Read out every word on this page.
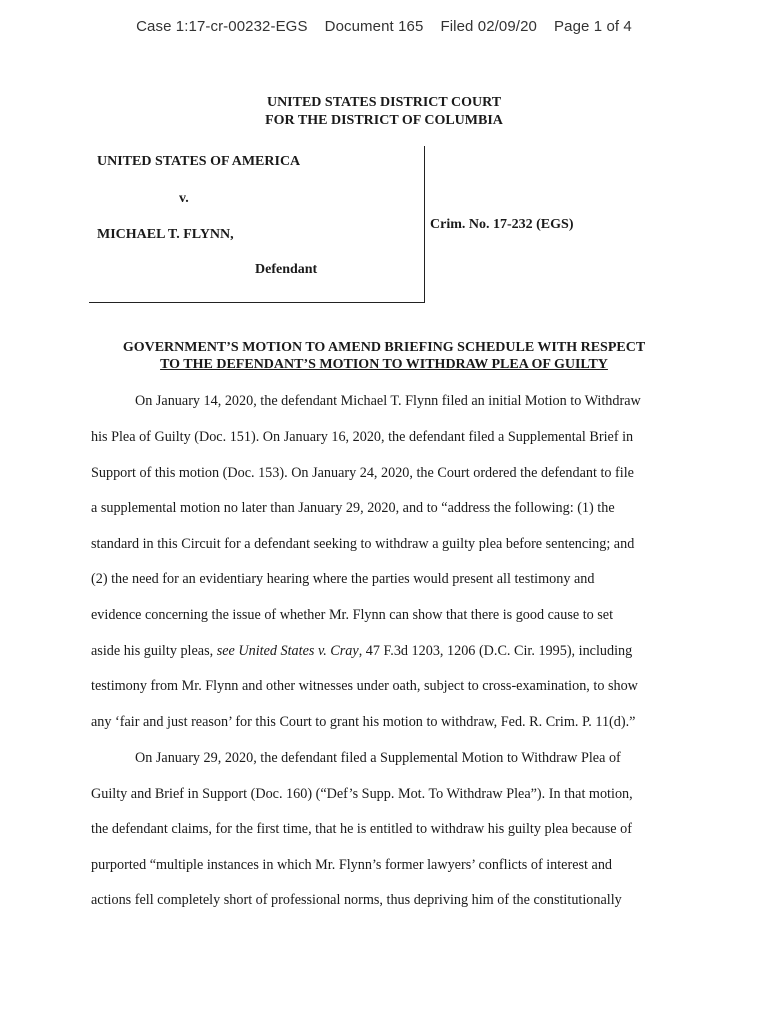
Case 1:17-cr-00232-EGS Document 165 Filed 02/09/20 Page 1 of 4
UNITED STATES DISTRICT COURT
FOR THE DISTRICT OF COLUMBIA
UNITED STATES OF AMERICA
v.
MICHAEL T. FLYNN,
Defendant
Crim. No. 17-232 (EGS)
GOVERNMENT’S MOTION TO AMEND BRIEFING SCHEDULE WITH RESPECT
TO THE DEFENDANT’S MOTION TO WITHDRAW PLEA OF GUILTY
On January 14, 2020, the defendant Michael T. Flynn filed an initial Motion to Withdraw
his Plea of Guilty (Doc. 151). On January 16, 2020, the defendant filed a Supplemental Brief in
Support of this motion (Doc. 153). On January 24, 2020, the Court ordered the defendant to file
a supplemental motion no later than January 29, 2020, and to “address the following: (1) the
standard in this Circuit for a defendant seeking to withdraw a guilty plea before sentencing; and
(2) the need for an evidentiary hearing where the parties would present all testimony and
evidence concerning the issue of whether Mr. Flynn can show that there is good cause to set
aside his guilty pleas, see United States v. Cray, 47 F.3d 1203, 1206 (D.C. Cir. 1995), including
testimony from Mr. Flynn and other witnesses under oath, subject to cross-examination, to show
any ‘fair and just reason’ for this Court to grant his motion to withdraw, Fed. R. Crim. P. 11(d).”
On January 29, 2020, the defendant filed a Supplemental Motion to Withdraw Plea of
Guilty and Brief in Support (Doc. 160) (“Def’s Supp. Mot. To Withdraw Plea”). In that motion,
the defendant claims, for the first time, that he is entitled to withdraw his guilty plea because of
purported “multiple instances in which Mr. Flynn’s former lawyers’ conflicts of interest and
actions fell completely short of professional norms, thus depriving him of the constitutionally
